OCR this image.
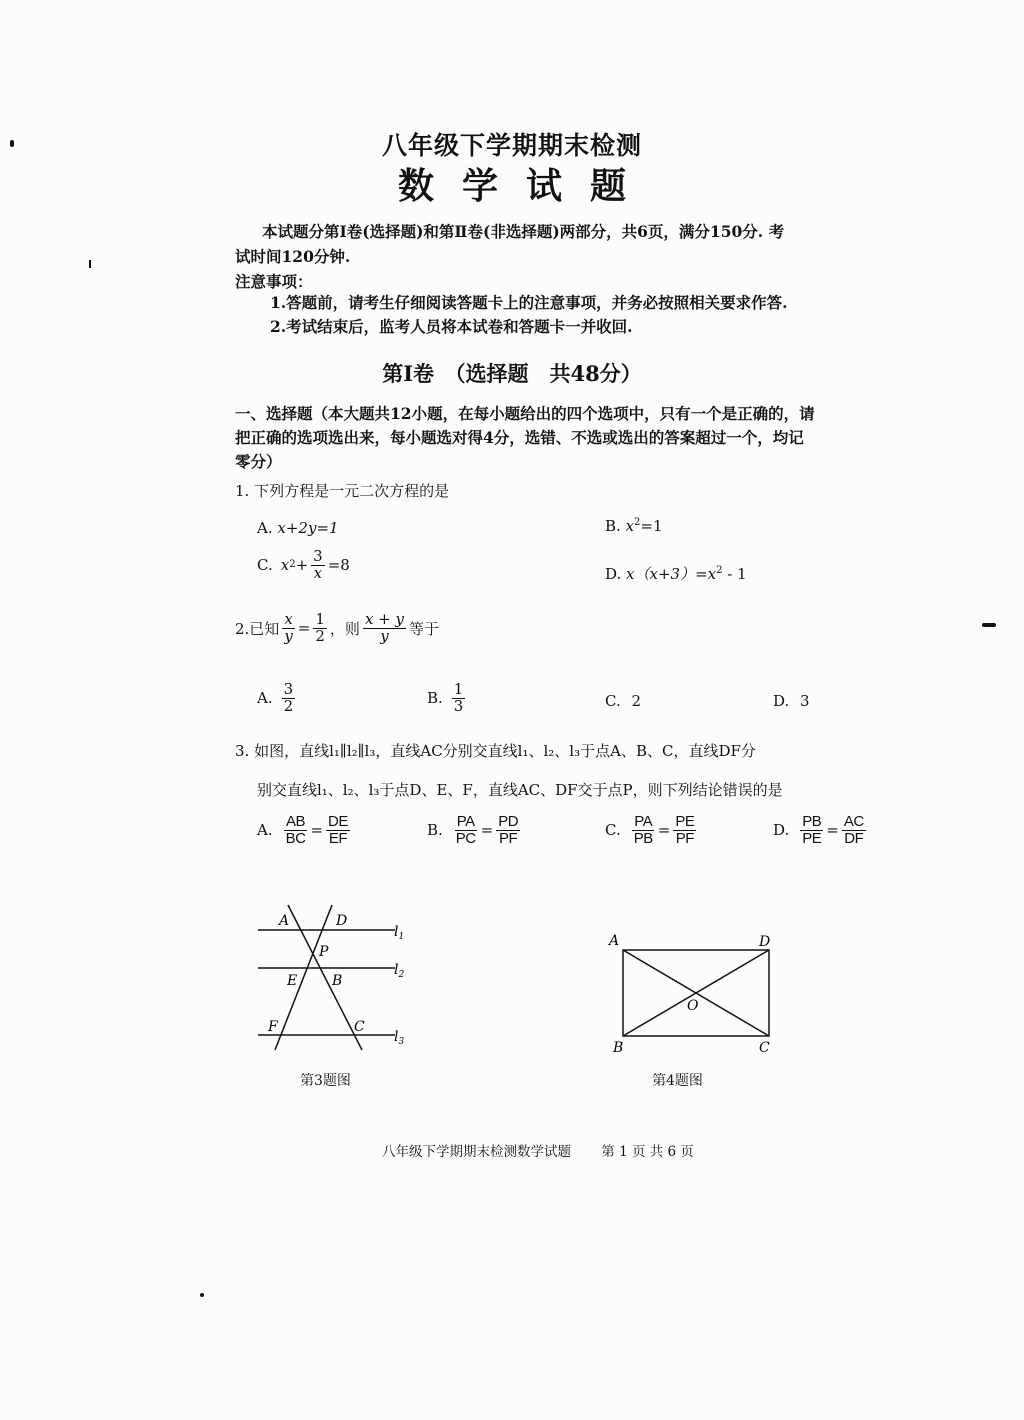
八年级下学期期末检测
数学试题
本试题分第Ⅰ卷(选择题)和第Ⅱ卷(非选择题)两部分，共6页，满分150分. 考
试时间120分钟.
注意事项：
1.答题前，请考生仔细阅读答题卡上的注意事项，并务必按照相关要求作答.
2.考试结束后，监考人员将本试卷和答题卡一并收回.
第Ⅰ卷　（选择题　共48分）
一、选择题（本大题共12小题，在每小题给出的四个选项中，只有一个是正确的，请
把正确的选项选出来，每小题选对得4分，选错、不选或选出的答案超过一个，均记
零分）
1. 下列方程是一元二次方程的是
A. x+2y=1	B. $x^2=1$
C. x $2 + \frac{3}{x} =8$	D. $x(x+3)=x^2 - 1$
2.已知 $\frac{x}{y} = \frac{1}{2}$ ，则 $\frac{x + y}{y}$ 等于
A. $\frac{3}{2}$	B. $\frac{1}{3}$	C. 2	D. 3
3. 如图，直线l₁∥l₂∥l₃，直线AC分别交直线l₁、l₂、l₃于点A、B、C，直线DF分
别交直线l₁、l₂、l₃于点D、E、F，直线AC、DF交于点P，则下列结论错误的是
A. $\frac{AB}{BC} = \frac{DE}{EF}$	B. $\frac{PA}{PC} = \frac{PD}{PF}$	C. $\frac{PA}{PB} = \frac{PE}{PF}$	D. $\frac{PB}{PE} = \frac{AC}{DF}$
A	D
P
E B
F	C
$l_1$
$l_2$
$l_3$
第3题图
A	D
O
B	C
第4题图
八年级下学期期末检测数学试题 第 1 页 共 6 页
